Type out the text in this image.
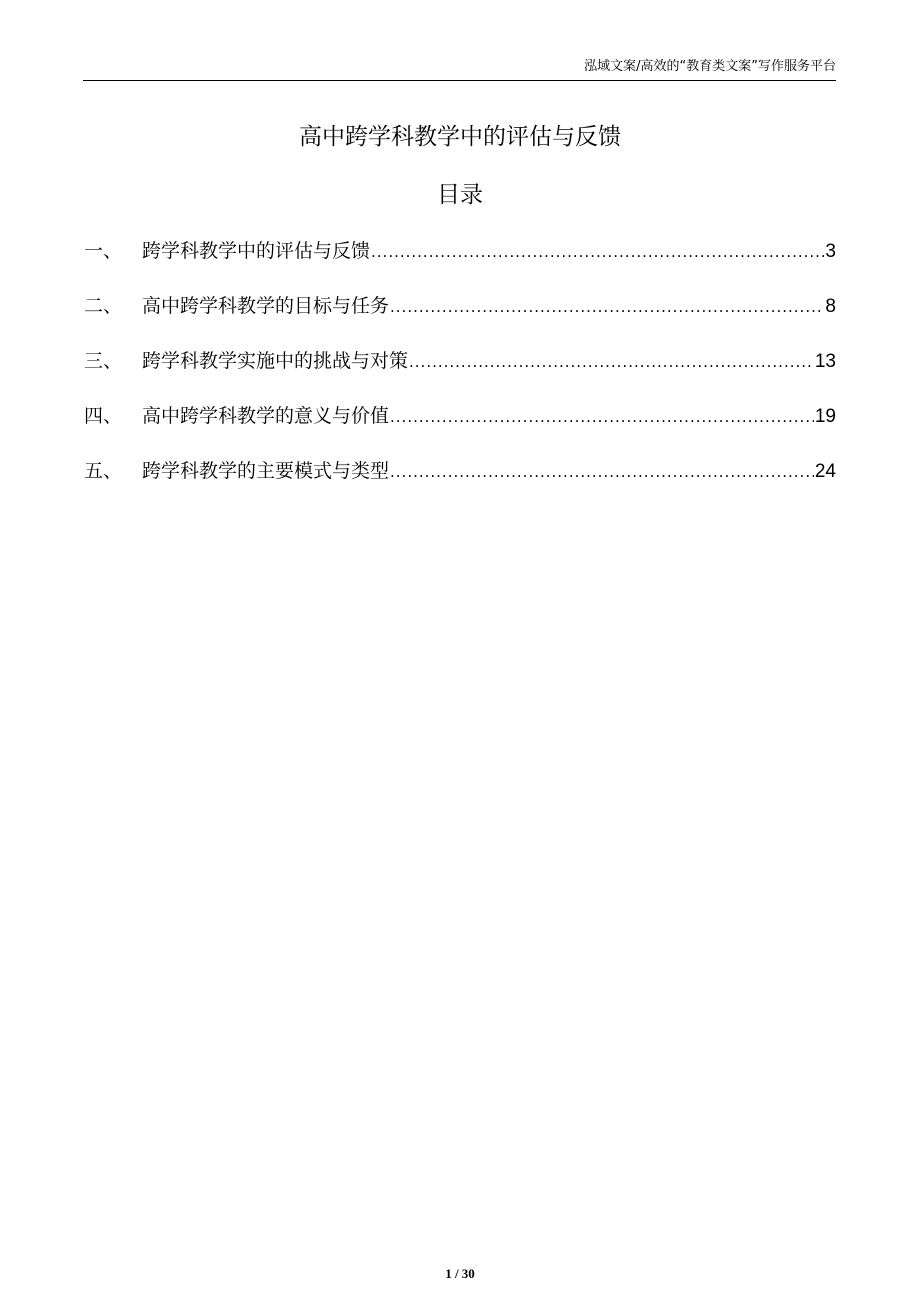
泓域文案/高效的“教育类文案”写作服务平台
高中跨学科教学中的评估与反馈
目录
一、	跨学科教学中的评估与反馈 .....	3
二、	高中跨学科教学的目标与任务 .....	8
三、	跨学科教学实施中的挑战与对策 .....	13
四、	高中跨学科教学的意义与价值 .....	19
五、	跨学科教学的主要模式与类型 .....	24
1 / 30
